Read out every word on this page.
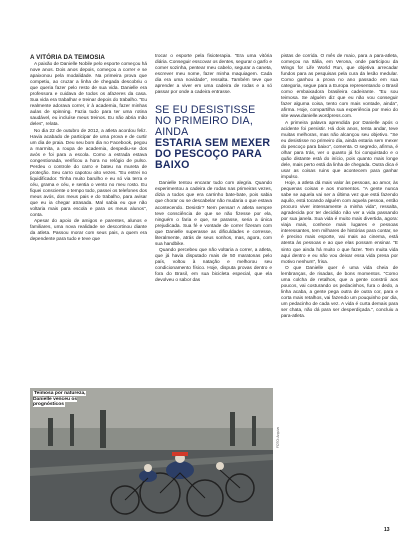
A VITÓRIA DA TEIMOSIA

A paixão de Danielle Nobile pelo esporte começou há nove anos. Dois anos depois, começou a correr e se apaixonou pela modalidade. Na primeira prova que competiu, ao cruzar a linha de chegada descobriu o que queria fazer pelo resto de sua vida. Danielle era professora e cuidava de todos os afazeres da casa. Sua vida era trabalhar e treinar depois do trabalho. "Eu realmente adorava correr, ir à academia, fazer minhas aulas de spinning. Fazia tudo para ter uma rotina saudável, eu incluíse meus treinos. Eu não abria mão deles", relata.

No dia 22 de outubro de 2012, a atleta acordou feliz. Havia acabado de participar de uma prova e de curtir um dia de praia. Deu seu bom dia no Facebook, pegou a marmita, a roupa de academia, despediu-se dos avós e foi para a escola. Como a estrada estava congestionada, verificou a hora no relógio de pulso. Perdeu o controle do carro e bateu na mureta de proteção. Seu carro capotou oito vezes. "Eu entrei no liquidificador. Tinha muito barulho e eu só via terra e céu, grama e céu, e sentia o vento no meu rosto. Eu fiquei consciente o tempo todo, passei os telefones dos meus avós, dos meus pais e do trabalho, para avisar que eu ia chegar atrasada. Mal sabia eu que não voltaria mais para escola e para os meus alunos", conta.

Apesar do apoio de amigos e parentes, alunos e familiares, uma nova realidade se descortinou diante da atleta. Passou morar com seus pais, a quem era dependente para tudo e teve que

trocar o esporte pela fisioterapia. "Era uma vitória diária. Conseguir esscovar os dentes, segurar o garfo e comer sozinha, pentear meu cabelo, segurar a caneta, escrever meu nome, fazer minha maquiagem. Cada dia era uma novidade", ressalta. Também teve que aprender a viver em uma cadeira de rodas e a só passar por onde a cadeira entrasse.

SE EU DESISTISSE NO PRIMEIRO DIA, AINDA
ESTARIA SEM MEXER DO PESCOÇO PARA BAIXO

Danielle tentou encarar tudo com alegria. Quando experimentou a cadeira de rodas nas primeiras vezes, dizia a todos que era carrinho bate-bate, pois sabia que chorar ou se descabelar não mudaria o que estava acontecendo. Desistir? Nem pensar! A atleta sempre teve consciência de que se não fizesse por ela, ninguém o faria e que, se parasse, seria a única prejudicada. Sua fé e vontade de correr fizeram com que Danielle superasse as dificuldades e corresse, literalmente, atrás de seus sonhos, mas, agora, com sua handbike.

Quando percebeu que não voltaria a correr, a atleta, que já havia disputado mais de 50 maratonas pelo país, voltou à natação e melhorou seu condicionamento físico. Hoje, disputa provas dentro e fora do Brasil, em sua bicicleta especial, que ela devolveu o sabor das

pistas de corrida. O mês de maio, para a para-atleta, começou na Itália, em Verona, onde participou da Wings for Life World Run, que objetiva arrecadar fundos para as pesquisas pela cura da lesão medular. Como ganhou a prova no ano passado em sua categoria, segue para a Europa representando o Brasil como embaixadora brasileira cadeirante. "Eu sou teimosa. Se alguém diz que eu não vou conseguir fazer alguma coisa, tento com mais vontade, ainda", afirma. Hoje, compartilha sua experiência por meio do site www.danielle.wordpress.com.

A primeira palavra aprendida por Danielle após o acidente foi persistir. Há dois anos, tenta andar, teve muitas melhoras, mas não alcançou seu objetivo. "Se eu desistisse no primeiro dia, ainda estaria sem mexer do pescoço para baixo", comenta. O segredo, afirma, é olhar para trás, ver o quanto já foi conquistado e o quão distante está do início, pois quanto mais longe dele, mais perto está da linha de chegada. Outra dica é usar as coisas ruins que acontecem para ganhar impulso.

Hoje, a atleta dá mais valor às pessoas, ao amor, às pequenas coisas e aos momentos. "A gente nunca sabe se aquela vai ser a última vez que está fazendo aquilo, está tocando alguém com aquela pessoa, então procuro viver intensamente a minha vida", ressalta, agradecida por ter decidido não ver a vida passando por sua janela. Sua vida é muito mais divertida, agora: viaja mais, conhece mais lugares e pessoas interessantes, tem milhares de histórias para contar, se é preciso mais esporte, vai mais ao cinema, está atenta às pessoas e ao que elas possam ensinar. "E sinto que ainda há muito o que fazer. Tem muita vida aqui dentro e eu não vou deixar essa vida presa por motivo nenhum", frisa.

O que Danielle quer é uma vida cheia de lembranças, de risadas, de bons momentos. "Como uma colcha de retalhos, que a gente constrói aos poucos, vai costurando os pedacinhos, fura o dedo, a linha acaba, a gente pega outra de outra cor, para e corta mais retalhos, vai fazendo um pouquinho por dia, um pedacinho de cada vez. A vida é curta demais para ser chata, não dá para ser desperdiçada.", concluiu a para-atleta.

Teimosa por natureza, Danielle venceu os prognósticos
FOTO: Arquivo
13
